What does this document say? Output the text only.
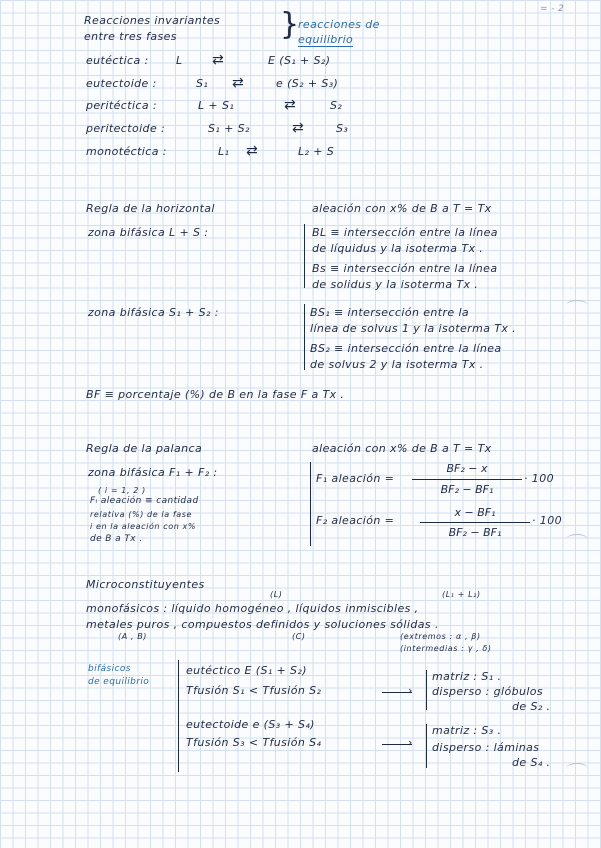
= - 2
Reacciones invariantes
entre tres fases	}
reacciones de
equilibrio
eutéctica : L ⇄	E (S₁ + S₂)
eutectoide :	S₁ ⇄	e (S₂ + S₃)
peritéctica :	L + S₁	⇄	S₂
peritectoide :	S₁ + S₂	⇄	S₃
monotéctica :	L₁ ⇄	L₂ + S
Regla de la horizontal	aleación con x% de B a T = Tx
zona bifásica L + S :	BL ≡ intersección entre la línea
de líquidus y la isoterma Tx .
Bs ≡ intersección entre la línea
de solidus y la isoterma Tx .
zona bifásica S₁ + S₂ :	BS₁ ≡ intersección entre la
línea de solvus 1 y la isoterma Tx .
BS₂ ≡ intersección entre la línea
de solvus 2 y la isoterma Tx .
BF ≡ porcentaje (%) de B en la fase F a Tx .
Regla de la palanca	aleación con x% de B a T = Tx
zona bifásica F₁ + F₂ :
( i = 1, 2 )
Fᵢ aleación ≡ cantidad
relativa (%) de la fase
i en la aleación con x%
de B a Tx .
F₁ aleación =
BF₂ − x
BF₂ − BF₁
· 100
F₂ aleación =
x − BF₁
BF₂ − BF₁
· 100
Microconstituyentes
(L)	(L₁ + L₂)
monofásicos : líquido homogéneo , líquidos inmiscibles ,
metales puros , compuestos definidos y soluciones sólidas .
(A , B)	(C)	(extremos : α , β)
(intermedias : γ , δ)
bifásicos
de equilibrio
eutéctico E (S₁ + S₂)
Tfusión S₁ < Tfusión S₂	›
matriz : S₁ .
disperso : glóbulos
de S₂ .
eutectoide e (S₃ + S₄)
Tfusión S₃ < Tfusión S₄	›
matriz : S₃ .
disperso : láminas
de S₄ .
